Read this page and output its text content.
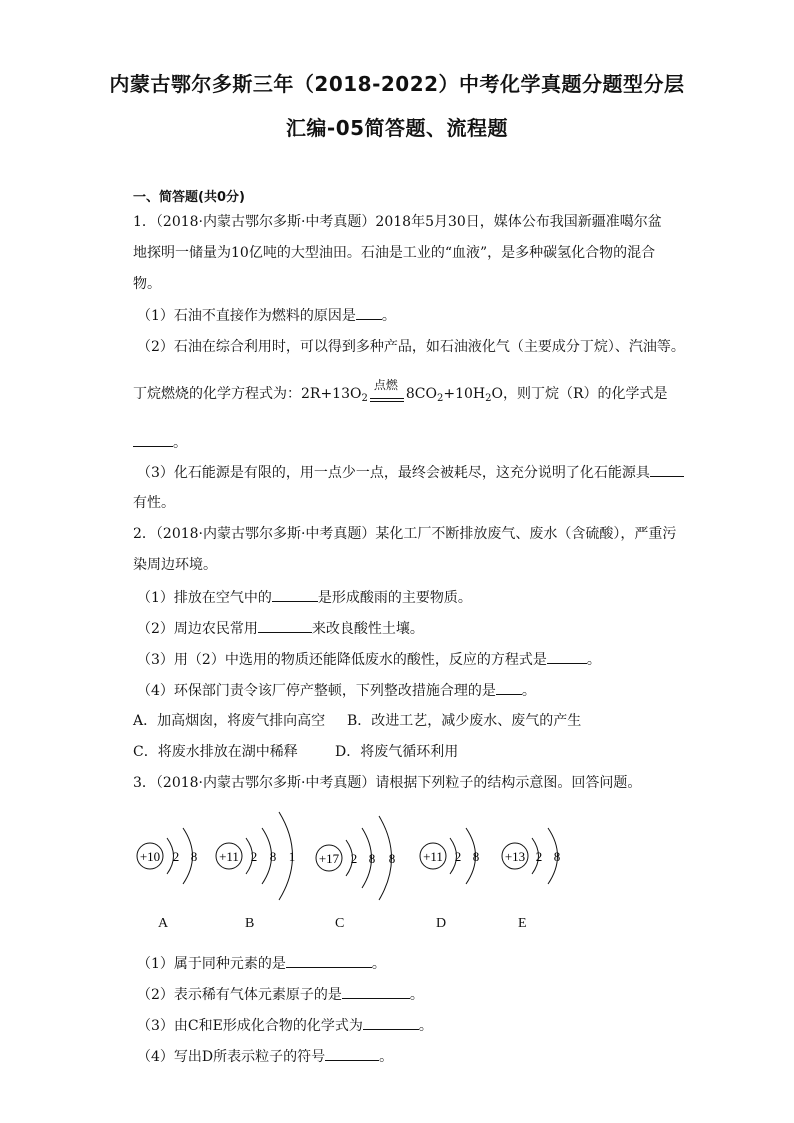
内蒙古鄂尔多斯三年（2018-2022）中考化学真题分题型分层
汇编-05简答题、流程题
一、简答题(共0分)
1．（2018·内蒙古鄂尔多斯·中考真题）2018年5月30日，媒体公布我国新疆准噶尔盆
地探明一储量为10亿吨的大型油田。石油是工业的“血液”，是多种碳氢化合物的混合
物。
（1）石油不直接作为燃料的原因是 。
（2）石油在综合利用时，可以得到多种产品，如石油液化气（主要成分丁烷）、汽油等。
丁烷燃烧的化学方程式为：$2R+13O_2$
点燃
$8CO_2+10H_2O$，则丁烷（R）的化学式是
。
（3）化石能源是有限的，用一点少一点，最终会被耗尽，这充分说明了化石能源具
有性。
2．（2018·内蒙古鄂尔多斯·中考真题）某化工厂不断排放废气、废水（含硫酸），严重污
染周边环境。
（1）排放在空气中的	是形成酸雨的主要物质。
（2）周边农民常用	来改良酸性土壤。
（3）用（2）中选用的物质还能降低废水的酸性，反应的方程式是	。
（4）环保部门责令该厂停产整顿，下列整改措施合理的是 。
A．加高烟囱，将废气排向高空 B．改进工艺，减少废水、废气的产生
C．将废水排放在湖中稀释	D．将废气循环利用
3．（2018·内蒙古鄂尔多斯·中考真题）请根据下列粒子的结构示意图。回答问题。
+10 2 8 +11 2 8 1 +17 2 8 8 +11 2 8 +13 2 8
A	B	C	D	E
（1）属于同种元素的是	。
（2）表示稀有气体元素原子的是	。
（3）由C和E形成化合物的化学式为	。
（4）写出D所表示粒子的符号	。
